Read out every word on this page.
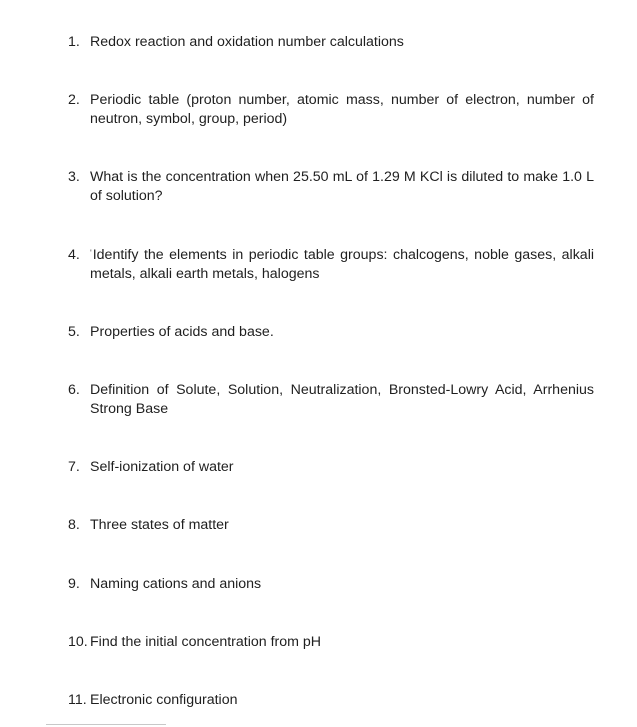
1. Redox reaction and oxidation number calculations
2. Periodic table (proton number, atomic mass, number of electron, number of neutron, symbol, group, period)
3. What is the concentration when 25.50 mL of 1.29 M KCl is diluted to make 1.0 L of solution?
4.	'Identify the elements in periodic table groups: chalcogens, noble gases, alkali metals, alkali earth metals, halogens
5. Properties of acids and base.
6. Definition of Solute, Solution, Neutralization, Bronsted-Lowry Acid, Arrhenius Strong Base
7. Self-ionization of water
8. Three states of matter
9. Naming cations and anions
10. Find the initial concentration from pH
11. Electronic configuration
